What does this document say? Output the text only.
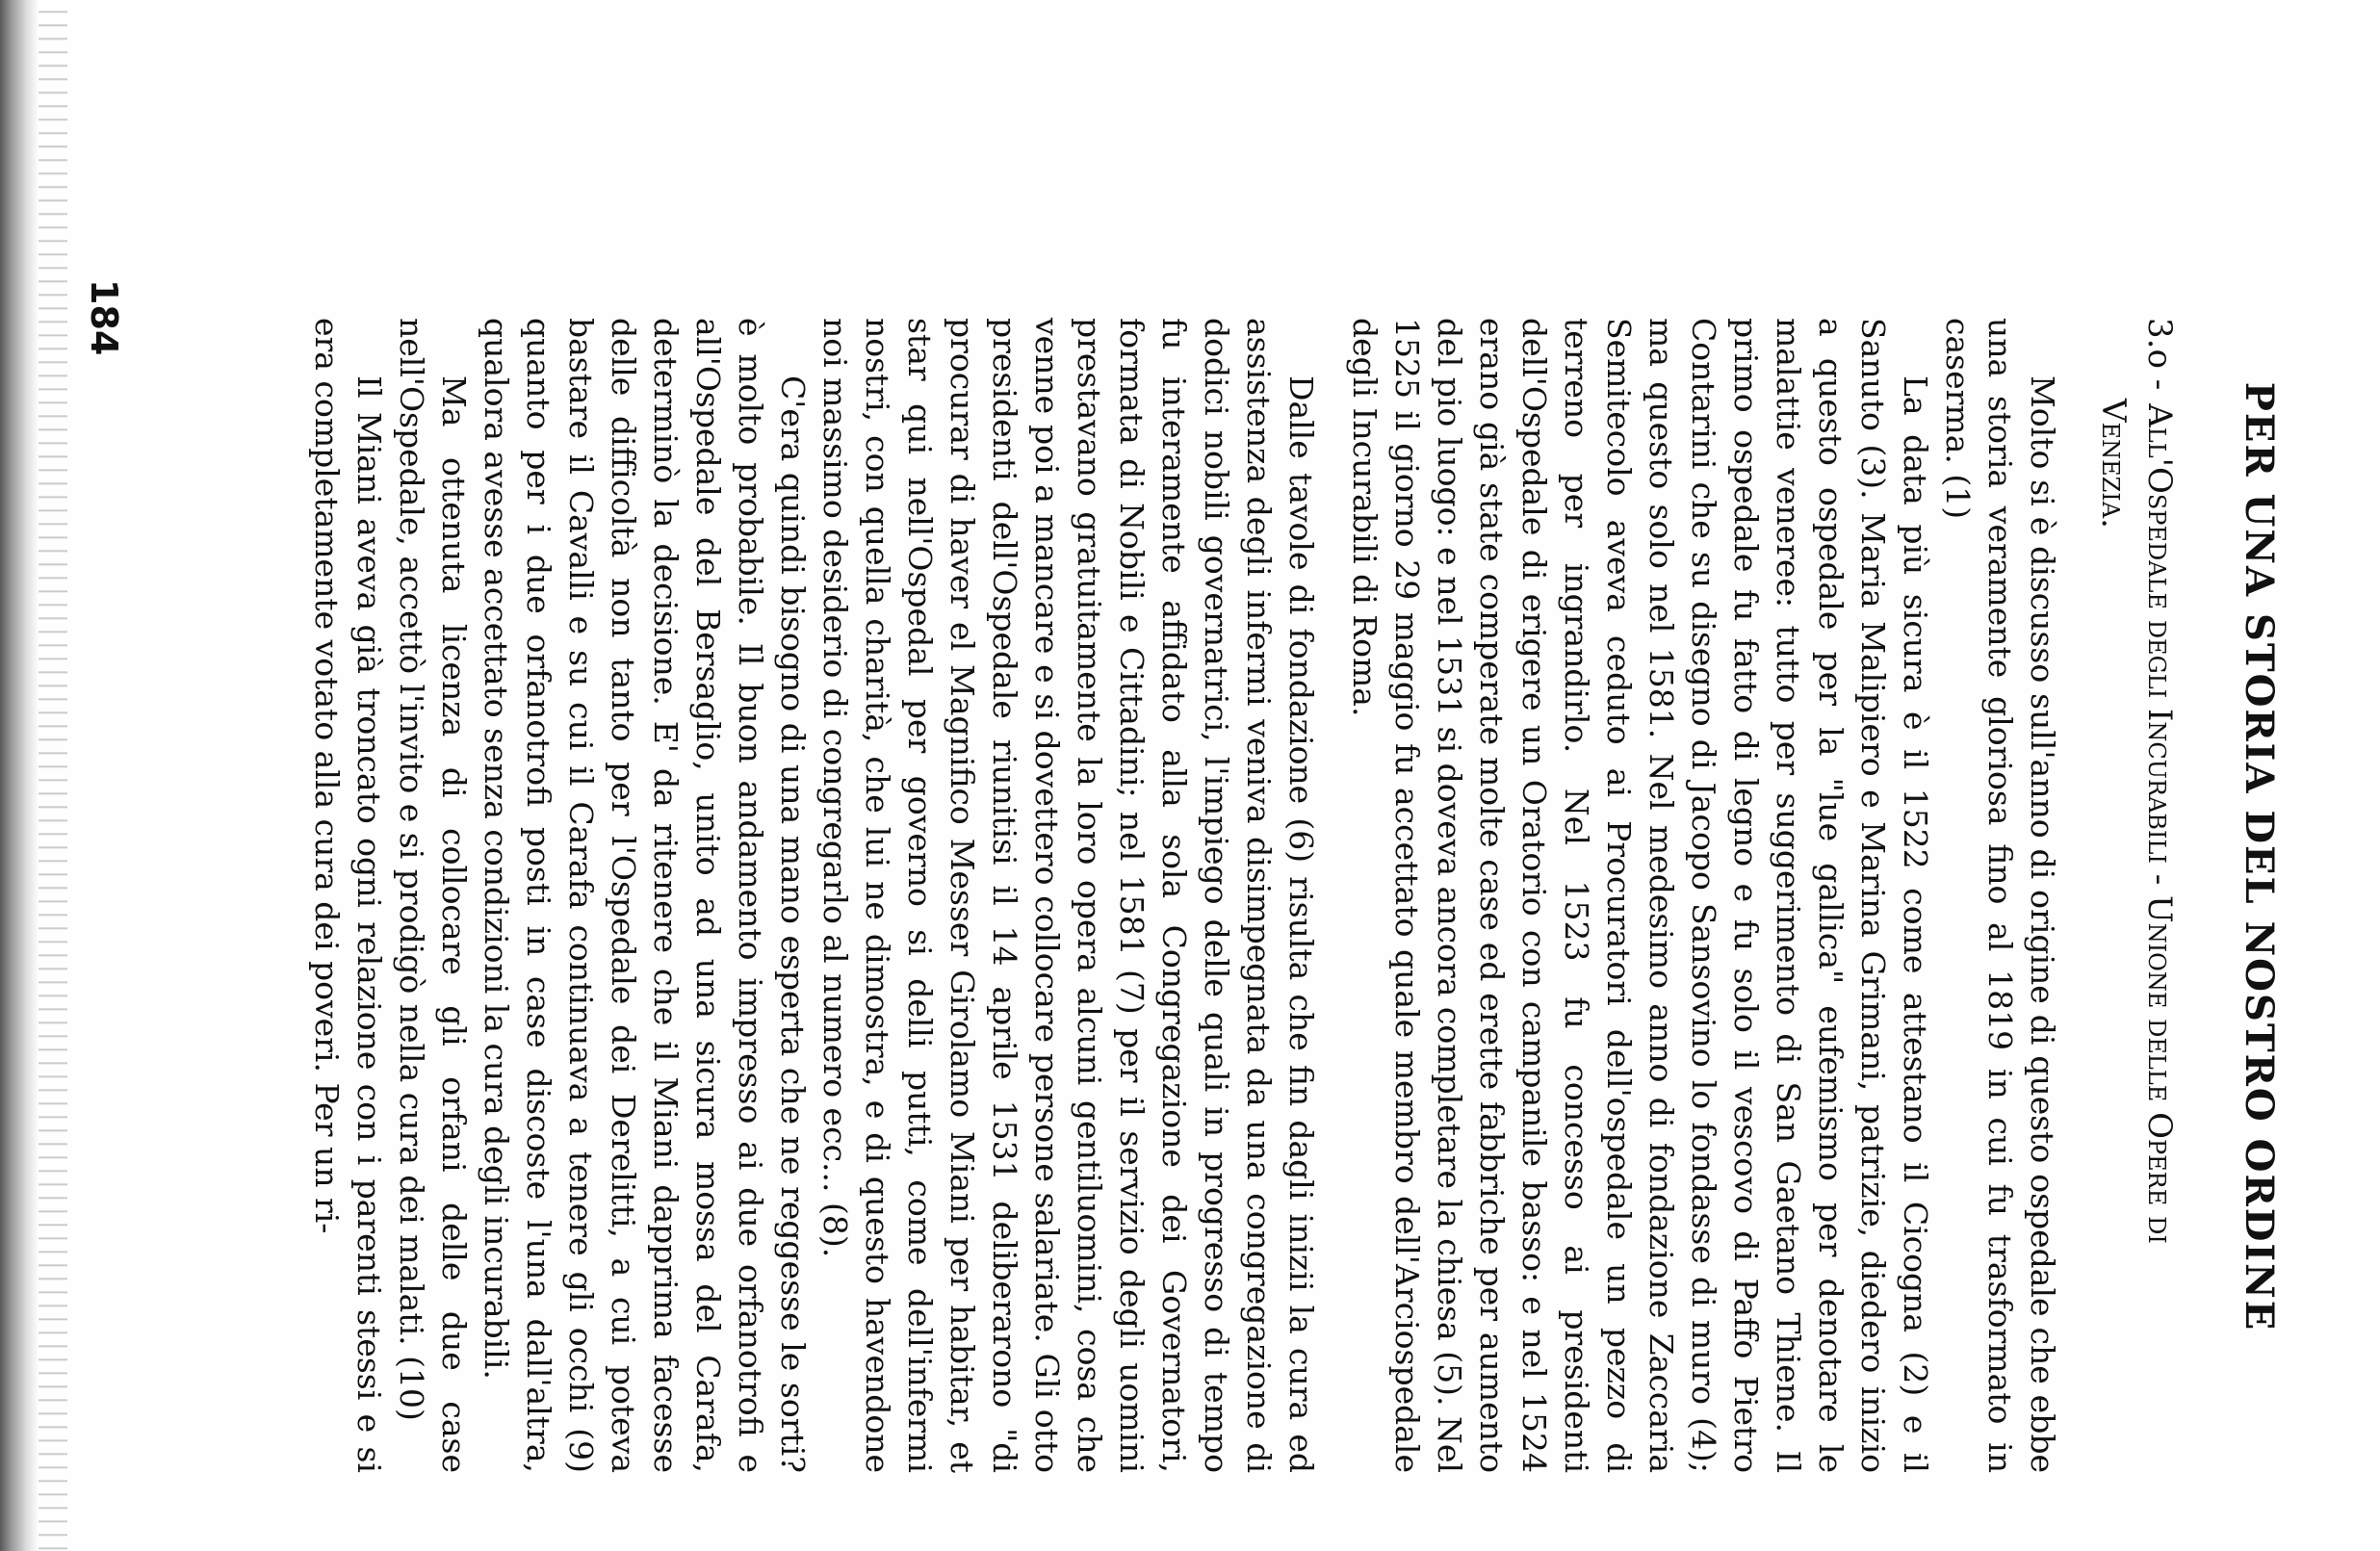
PER UNA STORIA DEL NOSTRO ORDINE
3.o -All'Ospedale degli Incurabili - Unione delle Opere di
Venezia.

Molto si è discusso sull'anno di origine di questo ospedale che ebbe una storia veramente gloriosa fino al 1819 in cui fu trasformato in caserma. (1)

La data più sicura è il 1522 come attestano il Cicogna (2) e il Sanuto (3). Maria Malipiero e Marina Grimani, patrizie, diedero inizio a questo ospedale per la "lue gallica" eufemismo per denotare le malattie veneree: tutto per suggerimento di San Gaetano Thiene. Il primo ospedale fu fatto di legno e fu solo il vescovo di Paffo Pietro Contarini che su disegno di Jacopo Sansovino lo fondasse di muro (4); ma questo solo nel 1581. Nel medesimo anno di fondazione Zaccaria Semitecolo aveva ceduto ai Procuratori dell'ospedale un pezzo di terreno per ingrandirlo. Nel 1523 fu concesso ai presidenti dell'Ospedale di erigere un Oratorio con campanile basso: e nel 1524 erano già state comperate molte case ed erette fabbriche per aumento del pio luogo: e nel 1531 si doveva ancora completare la chiesa (5). Nel 1525 il giorno 29 maggio fu accettato quale membro dell'Arciospedale degli Incurabili di Roma.

Dalle tavole di fondazione (6) risulta che fin dagli inizii la cura ed assistenza degli infermi veniva disimpegnata da una congregazione di dodici nobili governatrici, l'impiego delle quali in progresso di tempo fu interamente affidato alla sola Congregazione dei Governatori, formata di Nobili e Cittadini; nel 1581 (7) per il servizio degli uomini prestavano gratuitamente la loro opera alcuni gentiluomini, cosa che venne poi a mancare e si dovettero collocare persone salariate. Gli otto presidenti dell'Ospedale riunitisi il 14 aprile 1531 deliberarono "di procurar di haver el Magnifico Messer Girolamo Miani per habitar, et star qui nell'Ospedal per governo si delli putti, come dell'infermi nostri, con quella charità, che lui ne dimostra, e di questo havendone noi massimo desiderio di congregarlo al numero ecc... (8).

C'era quindi bisogno di una mano esperta che ne reggesse le sorti? è molto probabile. Il buon andamento impresso ai due orfanotrofi e all'Ospedale del Bersaglio, unito ad una sicura mossa del Carafa, determinò la decisione. E' da ritenere che il Miani dapprima facesse delle difficoltà non tanto per l'Ospedale dei Derelitti, a cui poteva bastare il Cavalli e su cui il Carafa continuava a tenere gli occhi (9) quanto per i due orfanotrofi posti in case discoste l'una dall'altra, qualora avesse accettato senza condizioni la cura degli incurabili.

Ma ottenuta licenza di collocare gli orfani delle due case nell'Ospedale, accettò l'invito e si prodigò nella cura dei malati. (10)

Il Miani aveva già troncato ogni relazione con i parenti stessi e si era completamente votato alla cura dei poveri. Per un ri-

184
